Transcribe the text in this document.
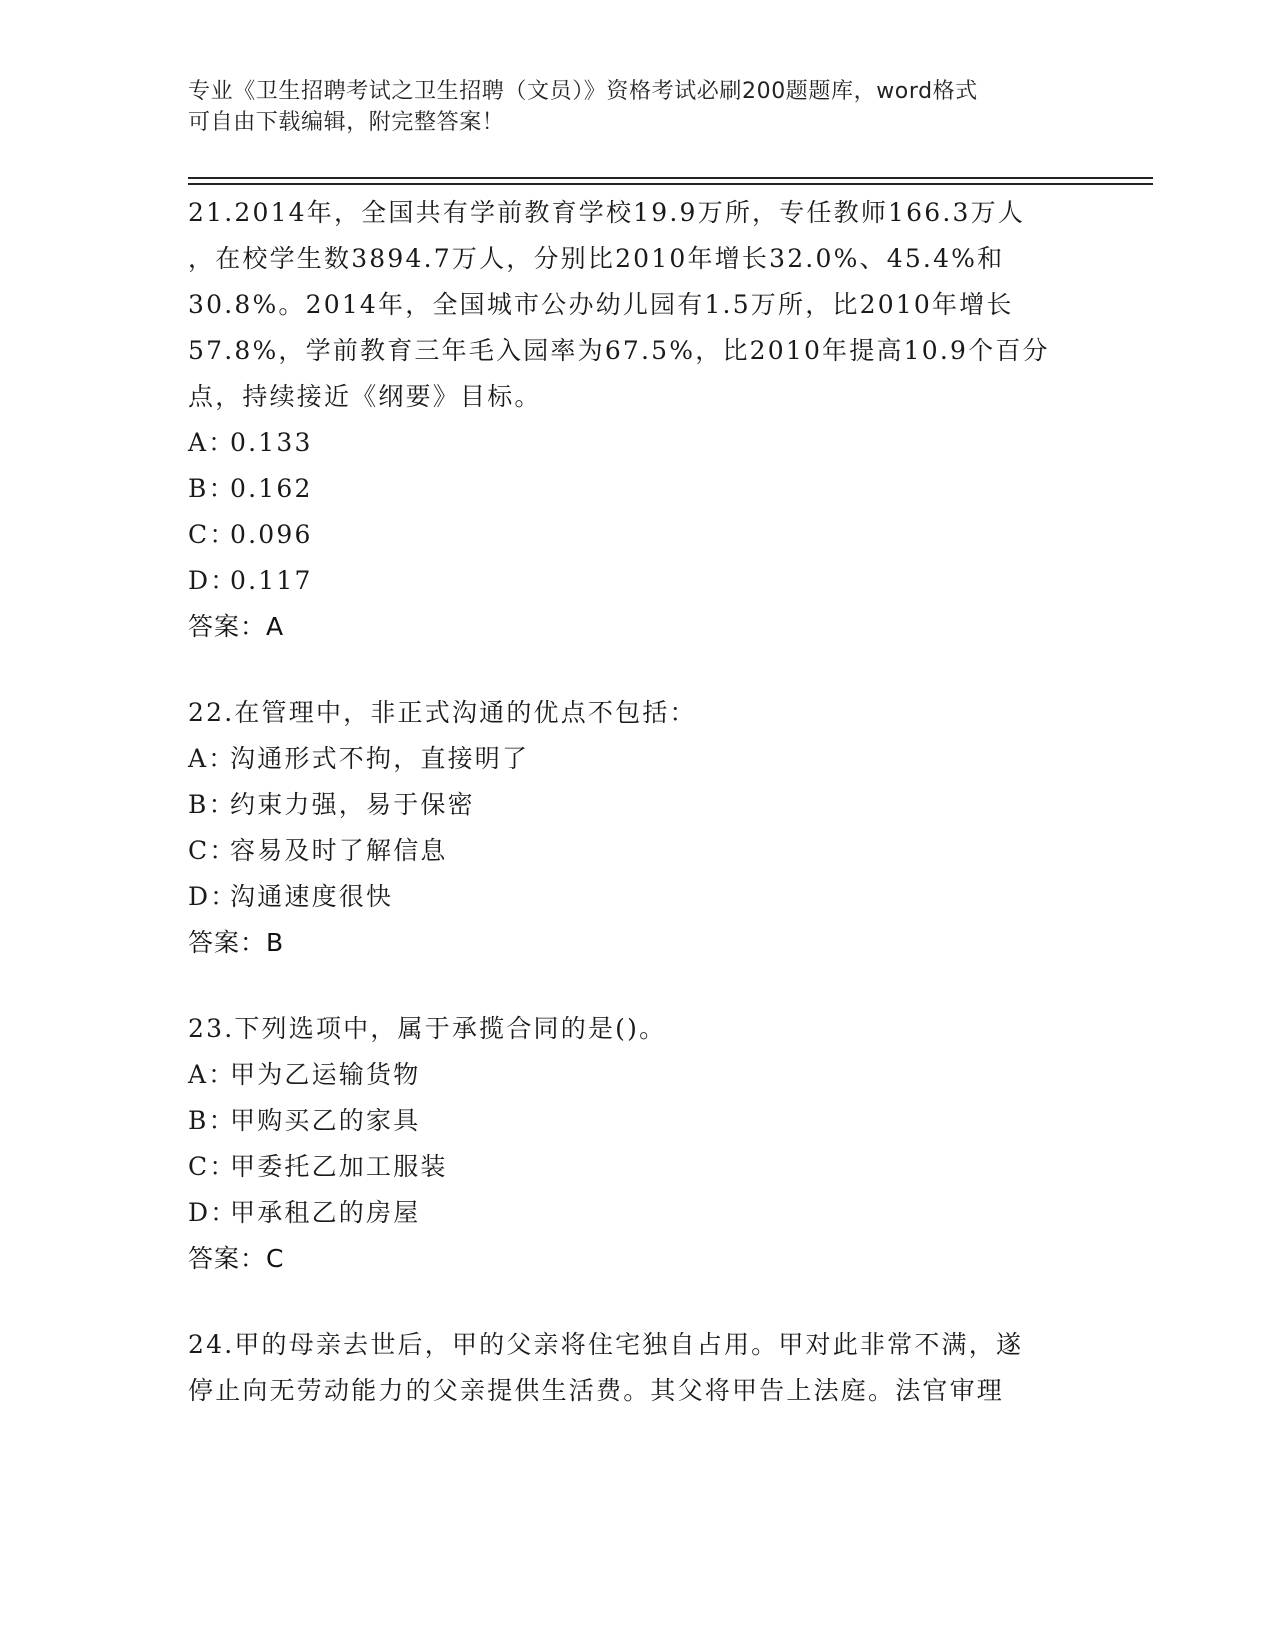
专业《卫生招聘考试之卫生招聘（文员）》资格考试必刷200题题库，word格式
可自由下载编辑，附完整答案！

21.2014年，全国共有学前教育学校19.9万所，专任教师166.3万人

，在校学生数3894.7万人，分别比2010年增长32.0%、45.4%和

30.8%。2014年，全国城市公办幼儿园有1.5万所，比2010年增长

57.8%，学前教育三年毛入园率为67.5%，比2010年提高10.9个百分

点，持续接近《纲要》目标。

A：0.133
B：0.162
C：0.096
D：0.117
答案：A

22.在管理中，非正式沟通的优点不包括：

A：沟通形式不拘，直接明了
B：约束力强，易于保密
C：容易及时了解信息
D：沟通速度很快
答案：B

23.下列选项中，属于承揽合同的是()。

A：甲为乙运输货物
B：甲购买乙的家具
C：甲委托乙加工服装
D：甲承租乙的房屋
答案：C

24.甲的母亲去世后，甲的父亲将住宅独自占用。甲对此非常不满，遂

停止向无劳动能力的父亲提供生活费。其父将甲告上法庭。法官审理
